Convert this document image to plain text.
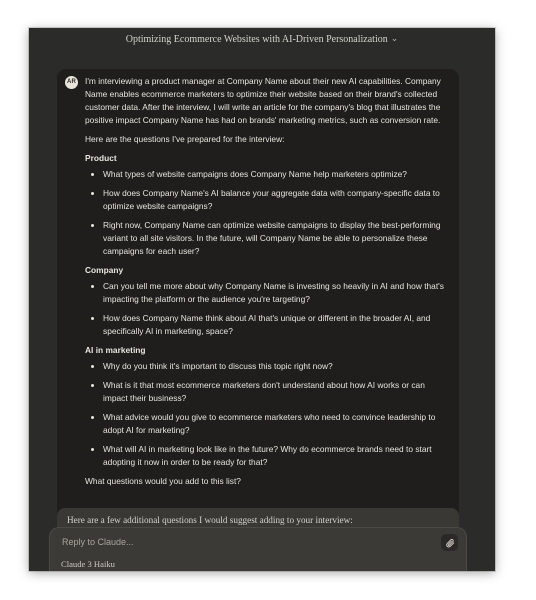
Optimizing Ecommerce Websites with AI-Driven Personalization ⌄
AR I'm interviewing a product manager at Company Name about their new AI capabilities. Company Name enables ecommerce marketers to optimize their website based on their brand's collected customer data. After the interview, I will write an article for the company's blog that illustrates the positive impact Company Name has had on brands' marketing metrics, such as conversion rate.

Here are the questions I've prepared for the interview:

Product
• What types of website campaigns does Company Name help marketers optimize?
• How does Company Name's AI balance your aggregate data with company-specific data to optimize website campaigns?
• Right now, Company Name can optimize website campaigns to display the best-performing variant to all site visitors. In the future, will Company Name be able to personalize these campaigns for each user?
Company
• Can you tell me more about why Company Name is investing so heavily in AI and how that's impacting the platform or the audience you're targeting?
• How does Company Name think about AI that's unique or different in the broader AI, and specifically AI in marketing, space?
AI in marketing
• Why do you think it's important to discuss this topic right now?
• What is it that most ecommerce marketers don't understand about how AI works or can impact their business?
• What advice would you give to ecommerce marketers who need to convince leadership to adopt AI for marketing?
• What will AI in marketing look like in the future? Why do ecommerce brands need to start adopting it now in order to be ready for that?

What questions would you add to this list?

Here are a few additional questions I would suggest adding to your interview:
Reply to Claude...
Claude 3 Haiku
